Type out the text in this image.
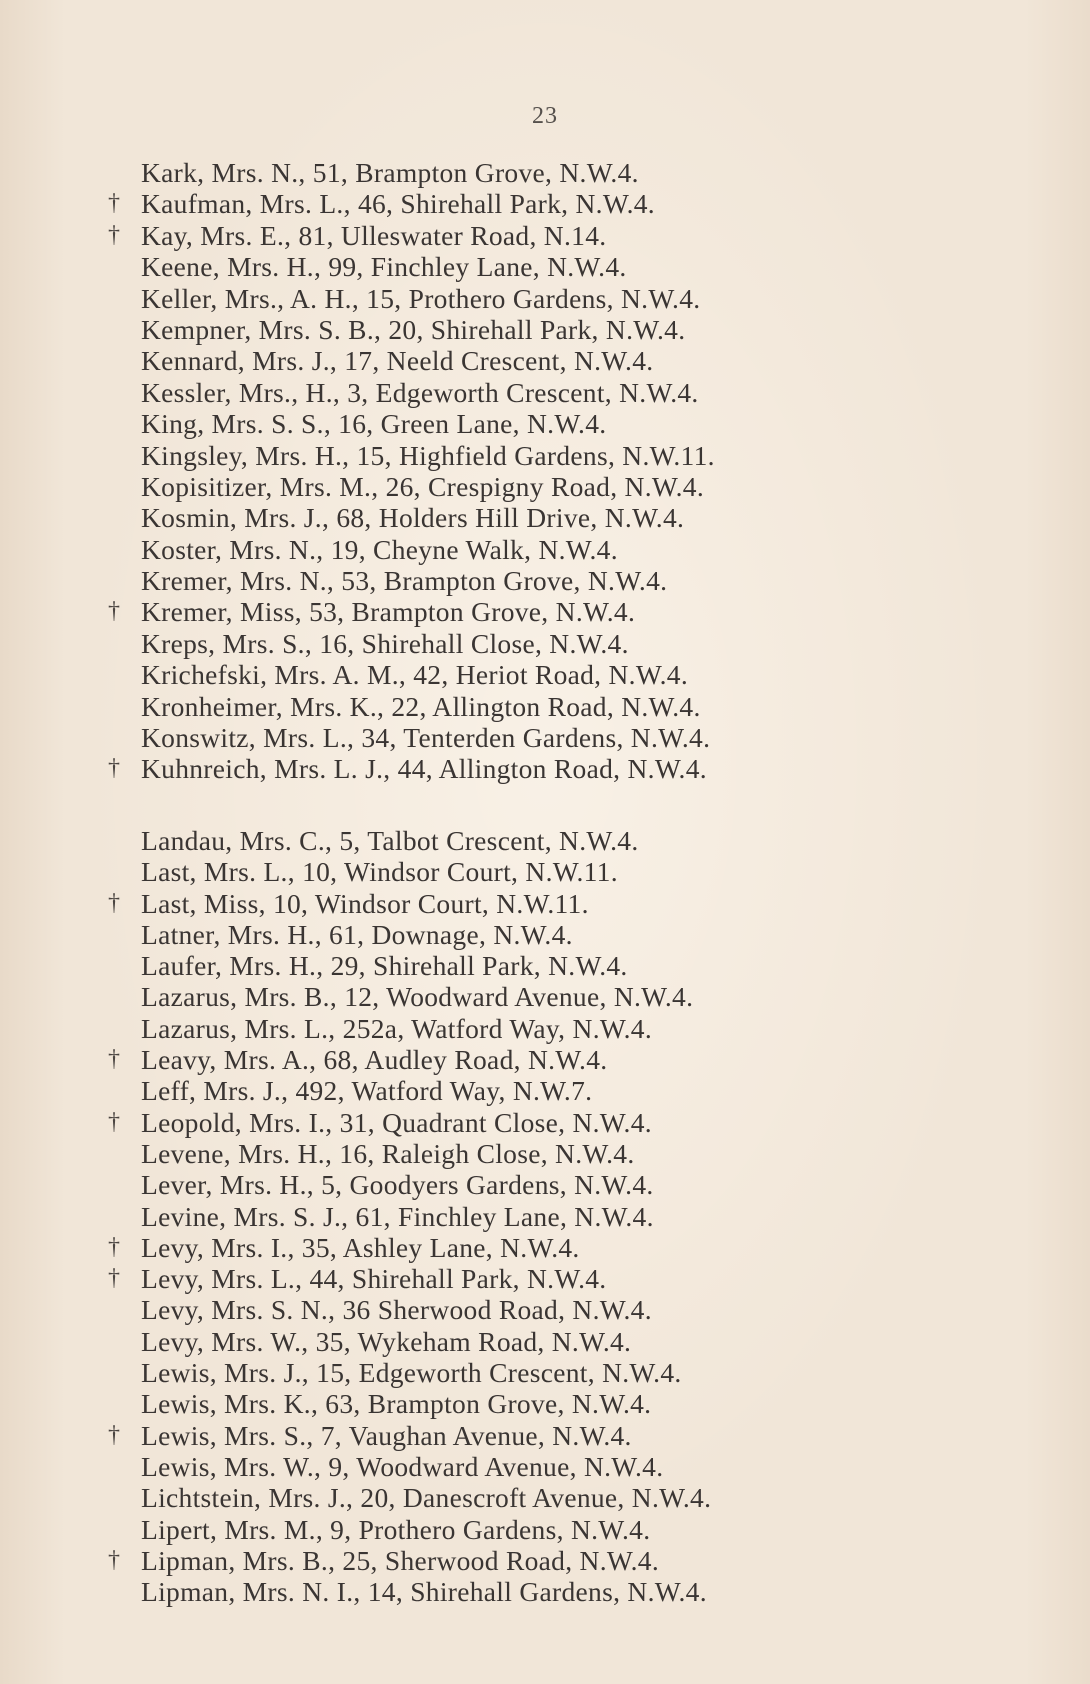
23
Kark, Mrs. N., 51, Brampton Grove, N.W.4.
† Kaufman, Mrs. L., 46, Shirehall Park, N.W.4.
† Kay, Mrs. E., 81, Ulleswater Road, N.14.
Keene, Mrs. H., 99, Finchley Lane, N.W.4.
Keller, Mrs., A. H., 15, Prothero Gardens, N.W.4.
Kempner, Mrs. S. B., 20, Shirehall Park, N.W.4.
Kennard, Mrs. J., 17, Neeld Crescent, N.W.4.
Kessler, Mrs., H., 3, Edgeworth Crescent, N.W.4.
King, Mrs. S. S., 16, Green Lane, N.W.4.
Kingsley, Mrs. H., 15, Highfield Gardens, N.W.11.
Kopisitizer, Mrs. M., 26, Crespigny Road, N.W.4.
Kosmin, Mrs. J., 68, Holders Hill Drive, N.W.4.
Koster, Mrs. N., 19, Cheyne Walk, N.W.4.
Kremer, Mrs. N., 53, Brampton Grove, N.W.4.
† Kremer, Miss, 53, Brampton Grove, N.W.4.
Kreps, Mrs. S., 16, Shirehall Close, N.W.4.
Krichefski, Mrs. A. M., 42, Heriot Road, N.W.4.
Kronheimer, Mrs. K., 22, Allington Road, N.W.4.
Konswitz, Mrs. L., 34, Tenterden Gardens, N.W.4.
† Kuhnreich, Mrs. L. J., 44, Allington Road, N.W.4.
Landau, Mrs. C., 5, Talbot Crescent, N.W.4.
Last, Mrs. L., 10, Windsor Court, N.W.11.
† Last, Miss, 10, Windsor Court, N.W.11.
Latner, Mrs. H., 61, Downage, N.W.4.
Laufer, Mrs. H., 29, Shirehall Park, N.W.4.
Lazarus, Mrs. B., 12, Woodward Avenue, N.W.4.
Lazarus, Mrs. L., 252a, Watford Way, N.W.4.
† Leavy, Mrs. A., 68, Audley Road, N.W.4.
Leff, Mrs. J., 492, Watford Way, N.W.7.
† Leopold, Mrs. I., 31, Quadrant Close, N.W.4.
Levene, Mrs. H., 16, Raleigh Close, N.W.4.
Lever, Mrs. H., 5, Goodyers Gardens, N.W.4.
Levine, Mrs. S. J., 61, Finchley Lane, N.W.4.
† Levy, Mrs. I., 35, Ashley Lane, N.W.4.
† Levy, Mrs. L., 44, Shirehall Park, N.W.4.
Levy, Mrs. S. N., 36 Sherwood Road, N.W.4.
Levy, Mrs. W., 35, Wykeham Road, N.W.4.
Lewis, Mrs. J., 15, Edgeworth Crescent, N.W.4.
Lewis, Mrs. K., 63, Brampton Grove, N.W.4.
† Lewis, Mrs. S., 7, Vaughan Avenue, N.W.4.
Lewis, Mrs. W., 9, Woodward Avenue, N.W.4.
Lichtstein, Mrs. J., 20, Danescroft Avenue, N.W.4.
Lipert, Mrs. M., 9, Prothero Gardens, N.W.4.
† Lipman, Mrs. B., 25, Sherwood Road, N.W.4.
Lipman, Mrs. N. I., 14, Shirehall Gardens, N.W.4.
